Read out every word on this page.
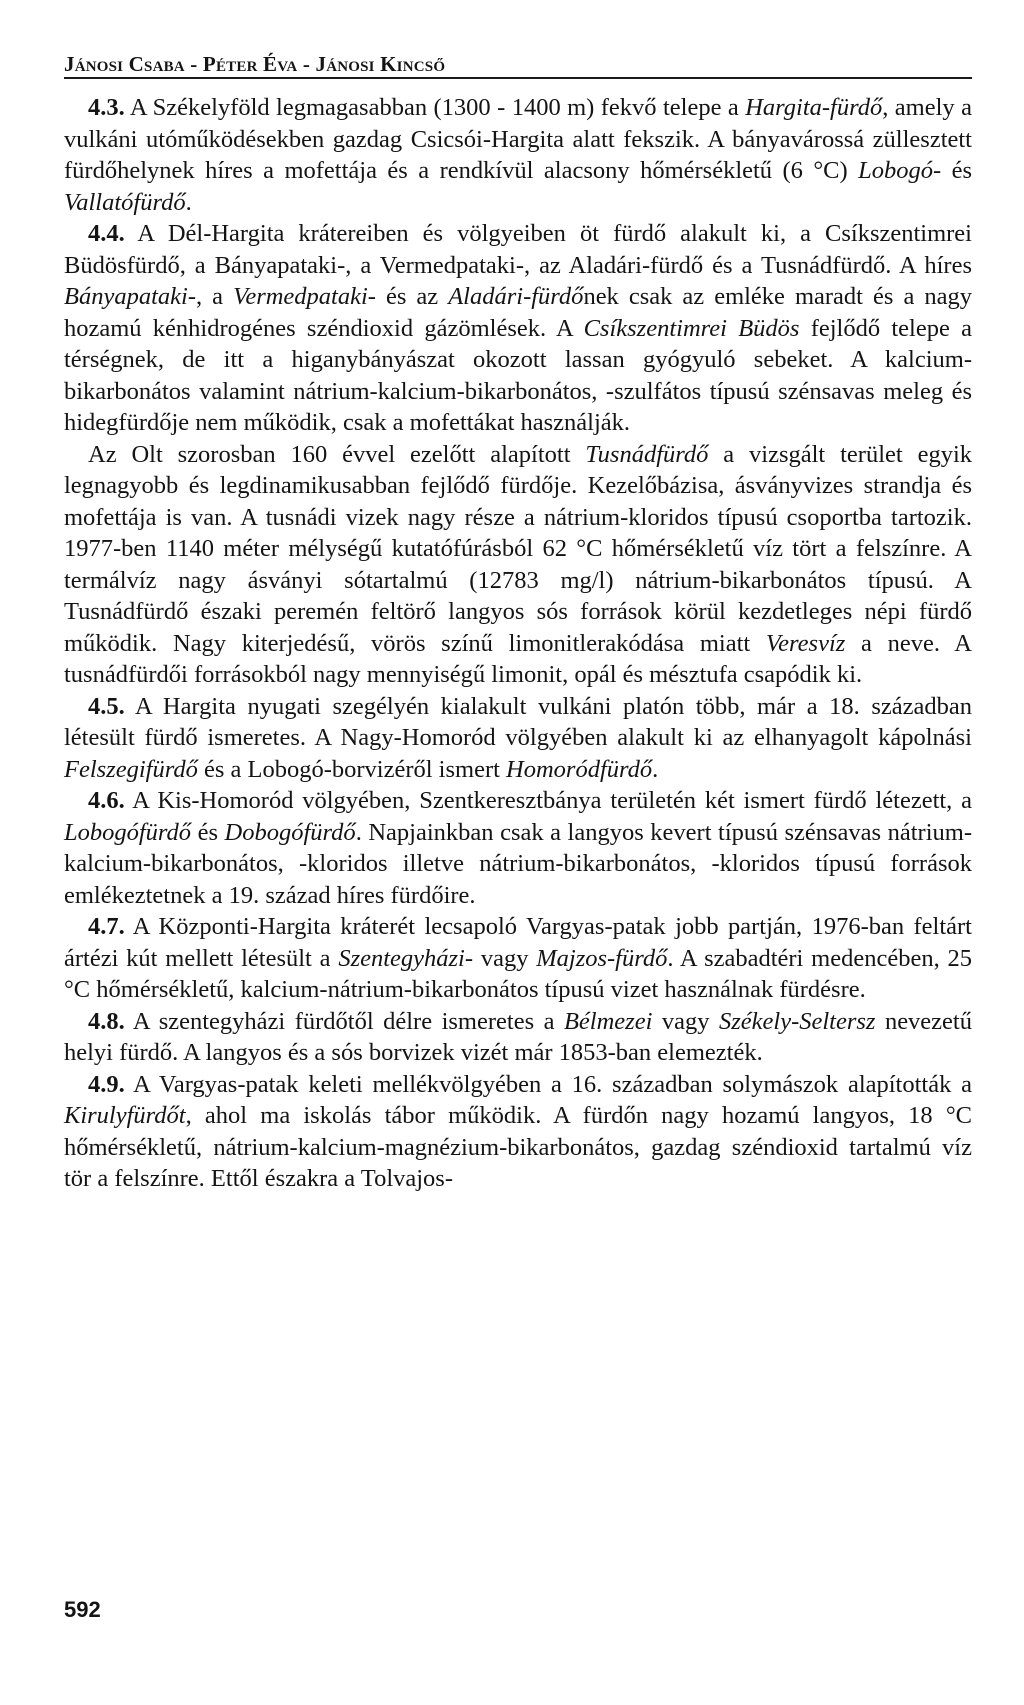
Jánosi Csaba - Péter Éva - Jánosi Kincső

4.3. A Székelyföld legmagasabban (1300 - 1400 m) fekvő telepe a Hargita-fürdő, amely a vulkáni utóműködésekben gazdag Csicsói-Hargita alatt fekszik. A bányavárossá züllesztett fürdőhelynek híres a mofettája és a rendkívül alacsony hőmérsékletű (6 °C) Lobogó- és Vallatófürdő.

4.4. A Dél-Hargita krátereiben és völgyeiben öt fürdő alakult ki, a Csíkszentimrei Büdösfürdő, a Bányapataki-, a Vermedpataki-, az Aladári-fürdő és a Tusnádfürdő. A híres Bányapataki-, a Vermedpataki- és az Aladári-fürdőnek csak az emléke maradt és a nagy hozamú kénhidrogénes széndioxid gázömlések. A Csíkszentimrei Büdös fejlődő telepe a térségnek, de itt a higanybányászat okozott lassan gyógyuló sebeket. A kalcium-bikarbonátos valamint nátrium-kalcium-bikarbonátos, -szulfátos típusú szénsavas meleg és hidegfürdője nem működik, csak a mofettákat használják.

Az Olt szorosban 160 évvel ezelőtt alapított Tusnádfürdő a vizsgált terület egyik legnagyobb és legdinamikusabban fejlődő fürdője. Kezelőbázisa, ásványvizes strandja és mofettája is van. A tusnádi vizek nagy része a nátrium-kloridos típusú csoportba tartozik. 1977-ben 1140 méter mélységű kutatófúrásból 62 °C hőmérsékletű víz tört a felszínre. A termálvíz nagy ásványi sótartalmú (12783 mg/l) nátrium-bikarbonátos típusú. A Tusnádfürdő északi peremén feltörő langyos sós források körül kezdetleges népi fürdő működik. Nagy kiterjedésű, vörös színű limonitlerakódása miatt Veresvíz a neve. A tusnádfürdői forrásokból nagy mennyiségű limonit, opál és mésztufa csapódik ki.

4.5. A Hargita nyugati szegélyén kialakult vulkáni platón több, már a 18. században létesült fürdő ismeretes. A Nagy-Homoród völgyében alakult ki az elhanyagolt kápolnási Felszegifürdő és a Lobogó-borvizéről ismert Homoródfürdő.

4.6. A Kis-Homoród völgyében, Szentkeresztbánya területén két ismert fürdő létezett, a Lobogófürdő és Dobogófürdő. Napjainkban csak a langyos kevert típusú szénsavas nátrium-kalcium-bikarbonátos, -kloridos illetve nátrium-bikarbonátos, -kloridos típusú források emlékeztetnek a 19. század híres fürdőire.

4.7. A Központi-Hargita kráterét lecsapoló Vargyas-patak jobb partján, 1976-ban feltárt ártézi kút mellett létesült a Szentegyházi- vagy Majzos-fürdő. A szabadtéri medencében, 25 °C hőmérsékletű, kalcium-nátrium-bikarbonátos típusú vizet használnak fürdésre.

4.8. A szentegyházi fürdőtől délre ismeretes a Bélmezei vagy Székely-Seltersz nevezetű helyi fürdő. A langyos és a sós borvizek vizét már 1853-ban elemezték.

4.9. A Vargyas-patak keleti mellékvölgyében a 16. században solymászok alapították a Kirulyfürdőt, ahol ma iskolás tábor működik. A fürdőn nagy hozamú langyos, 18 °C hőmérsékletű, nátrium-kalcium-magnézium-bikarbonátos, gazdag széndioxid tartalmú víz tör a felszínre. Ettől északra a Tolvajos-

592
